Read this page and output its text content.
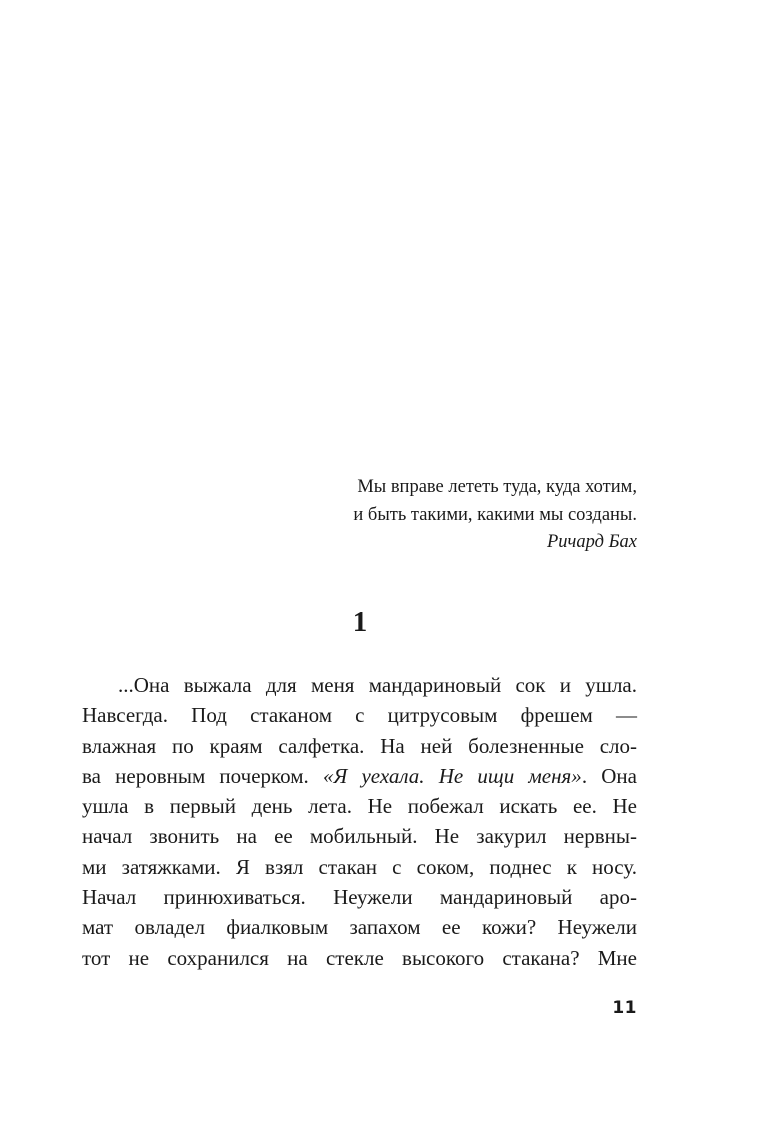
Мы вправе лететь туда, куда хотим,
и быть такими, какими мы созданы.
Ричард Бах
1
...Она выжала для меня мандариновый сок и ушла.
Навсегда. Под стаканом с цитрусовым фрешем —
влажная по краям салфетка. На ней болезненные сло-
ва неровным почерком. «Я уехала. Не ищи меня». Она
ушла в первый день лета. Не побежал искать ее. Не
начал звонить на ее мобильный. Не закурил нервны-
ми затяжками. Я взял стакан с соком, поднес к носу.
Начал принюхиваться. Неужели мандариновый аро-
мат овладел фиалковым запахом ее кожи? Неужели
тот не сохранился на стекле высокого стакана? Мне
11
